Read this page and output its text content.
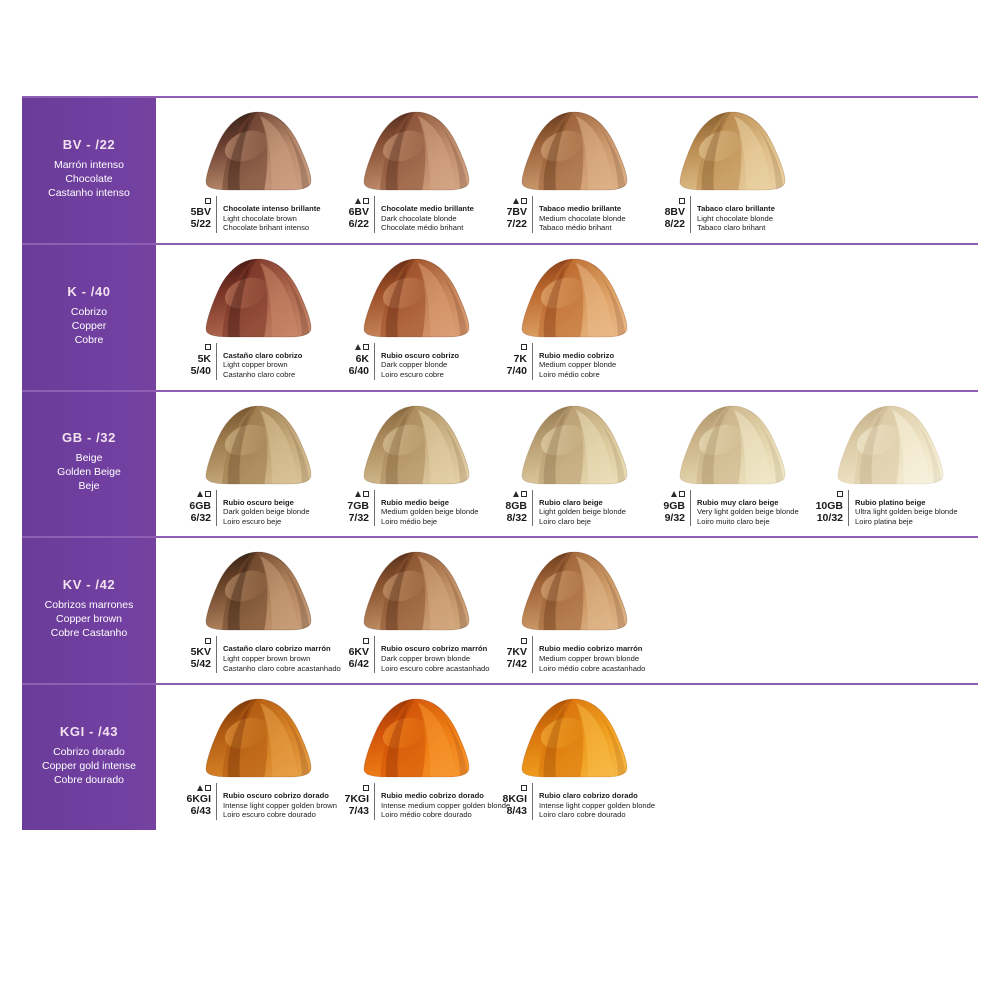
BV - /22
Marrón intenso
Chocolate
Castanho intenso
5BV
5/22
Chocolate intenso brillante
Light chocolate brown
Chocolate brihant intenso
6BV
6/22
Chocolate medio brillante
Dark chocolate blonde
Chocolate médio brihant
7BV
7/22
Tabaco medio brillante
Medium chocolate blonde
Tabaco médio brihant
8BV
8/22
Tabaco claro brillante
Light chocolate blonde
Tabaco claro brihant
K - /40
Cobrizo
Copper
Cobre
5K
5/40
Castaño claro cobrizo
Light copper brown
Castanho claro cobre
6K
6/40
Rubio oscuro cobrizo
Dark copper blonde
Loiro escuro cobre
7K
7/40
Rubio medio cobrizo
Medium copper blonde
Loiro médio cobre
GB - /32
Beige
Golden Beige
Beje
6GB
6/32
Rubio oscuro beige
Dark golden beige blonde
Loiro escuro beje
7GB
7/32
Rubio medio beige
Medium golden beige blonde
Loiro médio beje
8GB
8/32
Rubio claro beige
Light golden beige blonde
Loiro claro beje
9GB
9/32
Rubio muy claro beige
Very light golden beige blonde
Loiro muito claro beje
10GB
10/32
Rubio platino beige
Ultra light golden beige blonde
Loiro platina beje
KV - /42
Cobrizos marrones
Copper brown
Cobre Castanho
5KV
5/42
Castaño claro cobrizo marrón
Light copper brown brown
Castanho claro cobre acastanhado
6KV
6/42
Rubio oscuro cobrizo marrón
Dark copper brown blonde
Loiro escuro cobre acastanhado
7KV
7/42
Rubio medio cobrizo marrón
Medium copper brown blonde
Loiro médio cobre acastanhado
KGI - /43
Cobrizo dorado
Copper gold intense
Cobre dourado
6KGI
6/43
Rubio oscuro cobrizo dorado
Intense light copper golden brown
Loiro escuro cobre dourado
7KGI
7/43
Rubio medio cobrizo dorado
Intense medium copper golden blonde
Loiro médio cobre dourado
8KGI
8/43
Rubio claro cobrizo dorado
Intense light copper golden blonde
Loiro claro cobre dourado
